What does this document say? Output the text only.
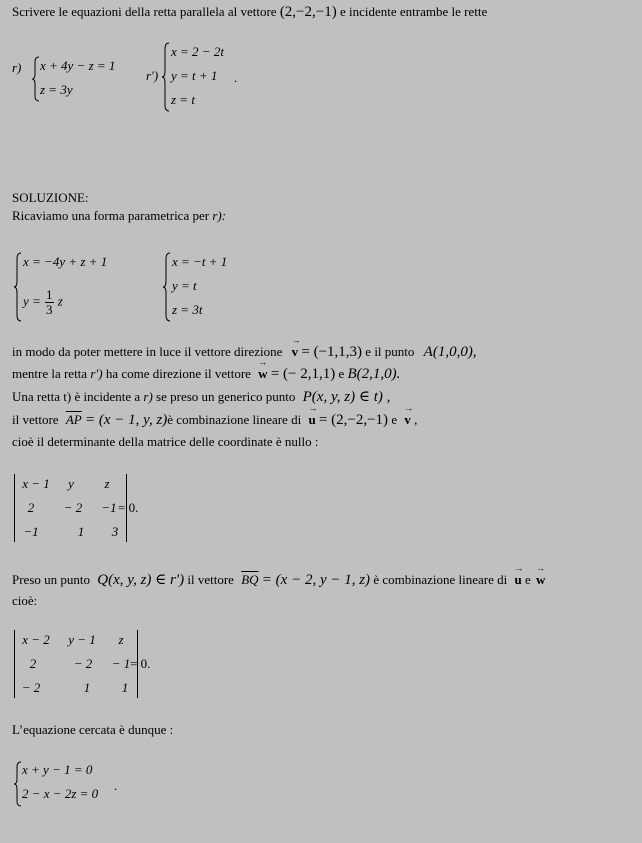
Scrivere le equazioni della retta parallela al vettore (2,−2,−1) e incidente entrambe le rette
r) x + 4y − z = 1
z = 3y
r′)
x = 2 − 2t
y = t + 1
z = t
.
SOLUZIONE:
Ricaviamo una forma parametrica per r):
x = −4y + z + 1
$y = \frac{1}{3}$ z
x = −t + 1
y = t
z = 3t
in modo da poter mettere in luce il vettore direzione → v = (−1,1,3) e il punto A(1,0,0),
mentre la retta r′) ha come direzione il vettore → w = (− 2,1,1) e B(2,1,0).
Una retta t) è incidente a r) se preso un generico punto P(x, y, z) ∈ t) ,
il vettore $\overline{AP} = (x - 1$, y, z)è combinazione lineare di → u = (2,−2,−1) e → v ,
cioè il determinante della matrice delle coordinate è nullo :
x − 1	y	z
2	− 2	−1
−1	1	3
= 0.
Preso un punto Q(x, y, z) ∈ r′) il vettore $\overline{BQ} = (x - 2$, y − 1, z) è combinazione lineare di → u e → w
cioè:
x − 2	y − 1	z
2	− 2	− 1
− 2	1	1
= 0.
L’equazione cercata è dunque :
x + y − 1 = 0
2 − x − 2z = 0
.
